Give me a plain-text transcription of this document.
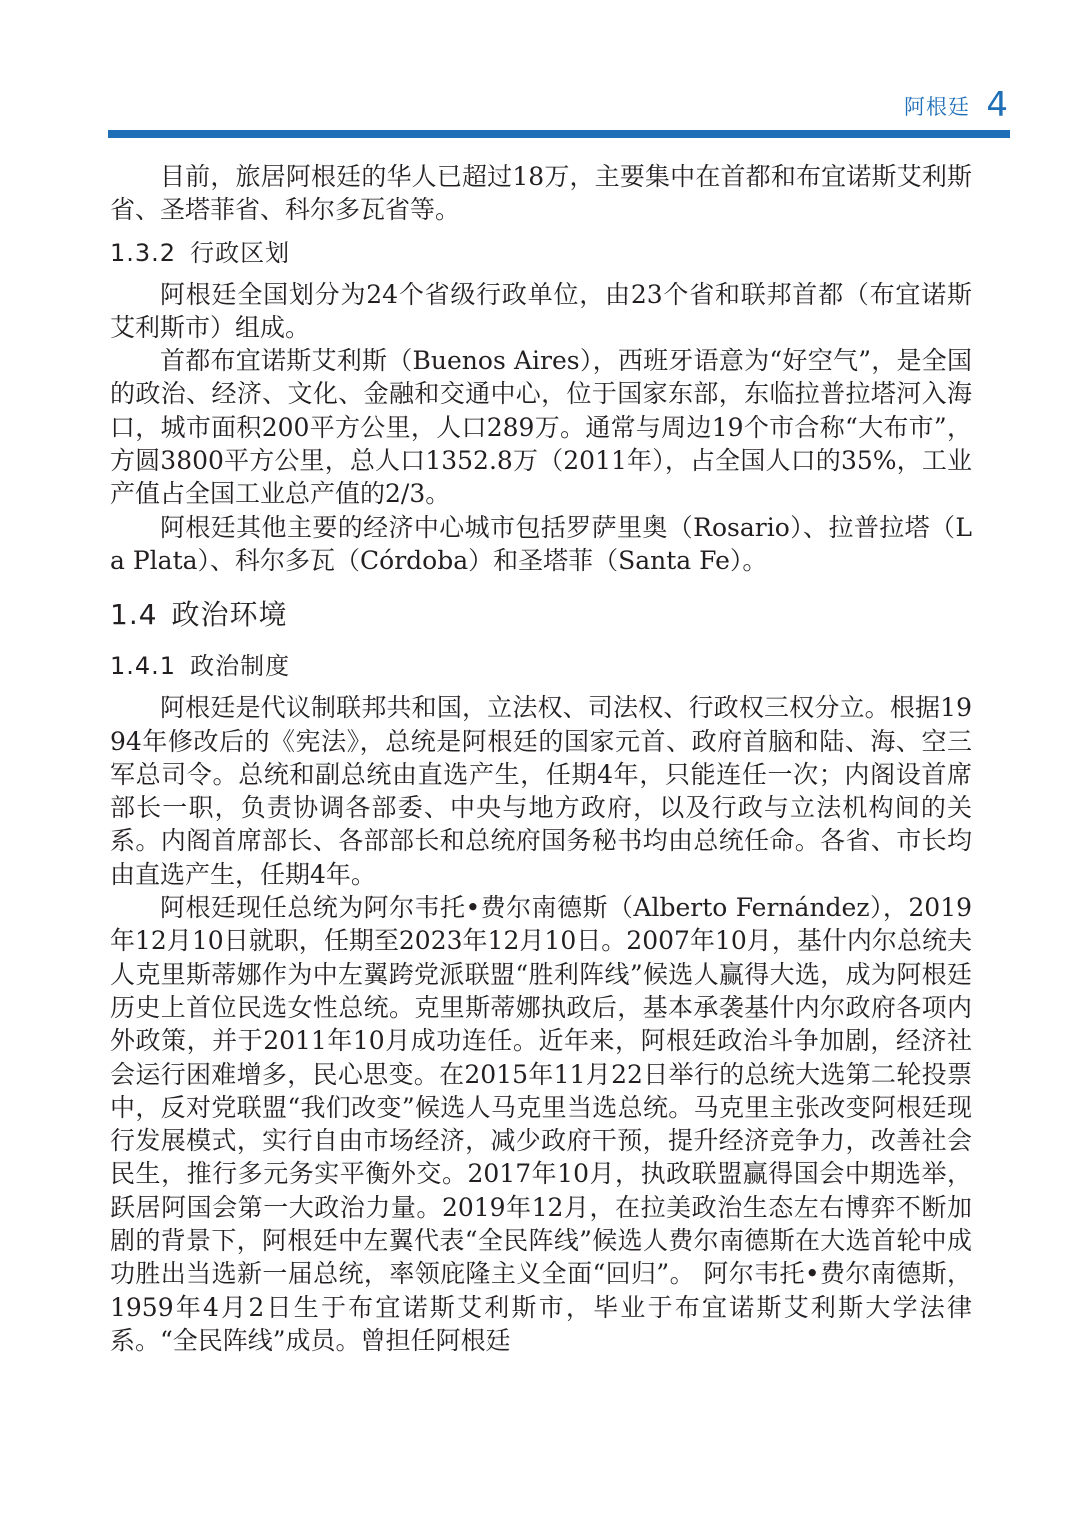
阿根廷 4

目前，旅居阿根廷的华人已超过18万，主要集中在首都和布宜诺斯艾利斯省、圣塔菲省、科尔多瓦省等。

1.3.2 行政区划

阿根廷全国划分为24个省级行政单位，由23个省和联邦首都（布宜诺斯艾利斯市）组成。

首都布宜诺斯艾利斯（Buenos Aires），西班牙语意为“好空气”，是全国的政治、经济、文化、金融和交通中心，位于国家东部，东临拉普拉塔河入海口，城市面积200平方公里，人口289万。通常与周边19个市合称“大布市”，方圆3800平方公里，总人口1352.8万（2011年），占全国人口的35%，工业产值占全国工业总产值的2/3。

阿根廷其他主要的经济中心城市包括罗萨里奥（Rosario）、拉普拉塔（La Plata）、科尔多瓦（Córdoba）和圣塔菲（Santa Fe）。

1.4 政治环境
1.4.1 政治制度

阿根廷是代议制联邦共和国，立法权、司法权、行政权三权分立。根据1994年修改后的《宪法》，总统是阿根廷的国家元首、政府首脑和陆、海、空三军总司令。总统和副总统由直选产生，任期4年，只能连任一次；内阁设首席部长一职，负责协调各部委、中央与地方政府，以及行政与立法机构间的关系。内阁首席部长、各部部长和总统府国务秘书均由总统任命。各省、市长均由直选产生，任期4年。

阿根廷现任总统为阿尔韦托•费尔南德斯（Alberto Fernández），2019年12月10日就职，任期至2023年12月10日。2007年10月，基什内尔总统夫人克里斯蒂娜作为中左翼跨党派联盟“胜利阵线”候选人赢得大选，成为阿根廷历史上首位民选女性总统。克里斯蒂娜执政后，基本承袭基什内尔政府各项内外政策，并于2011年10月成功连任。近年来，阿根廷政治斗争加剧，经济社会运行困难增多，民心思变。在2015年11月22日举行的总统大选第二轮投票中，反对党联盟“我们改变”候选人马克里当选总统。马克里主张改变阿根廷现行发展模式，实行自由市场经济，减少政府干预，提升经济竞争力，改善社会民生，推行多元务实平衡外交。2017年10月，执政联盟赢得国会中期选举，跃居阿国会第一大政治力量。2019年12月，在拉美政治生态左右博弈不断加剧的背景下，阿根廷中左翼代表“全民阵线”候选人费尔南德斯在大选首轮中成功胜出当选新一届总统，率领庇隆主义全面“回归”。 阿尔韦托•费尔南德斯，1959年4月2日生于布宜诺斯艾利斯市，毕业于布宜诺斯艾利斯大学法律系。“全民阵线”成员。曾担任阿根廷
